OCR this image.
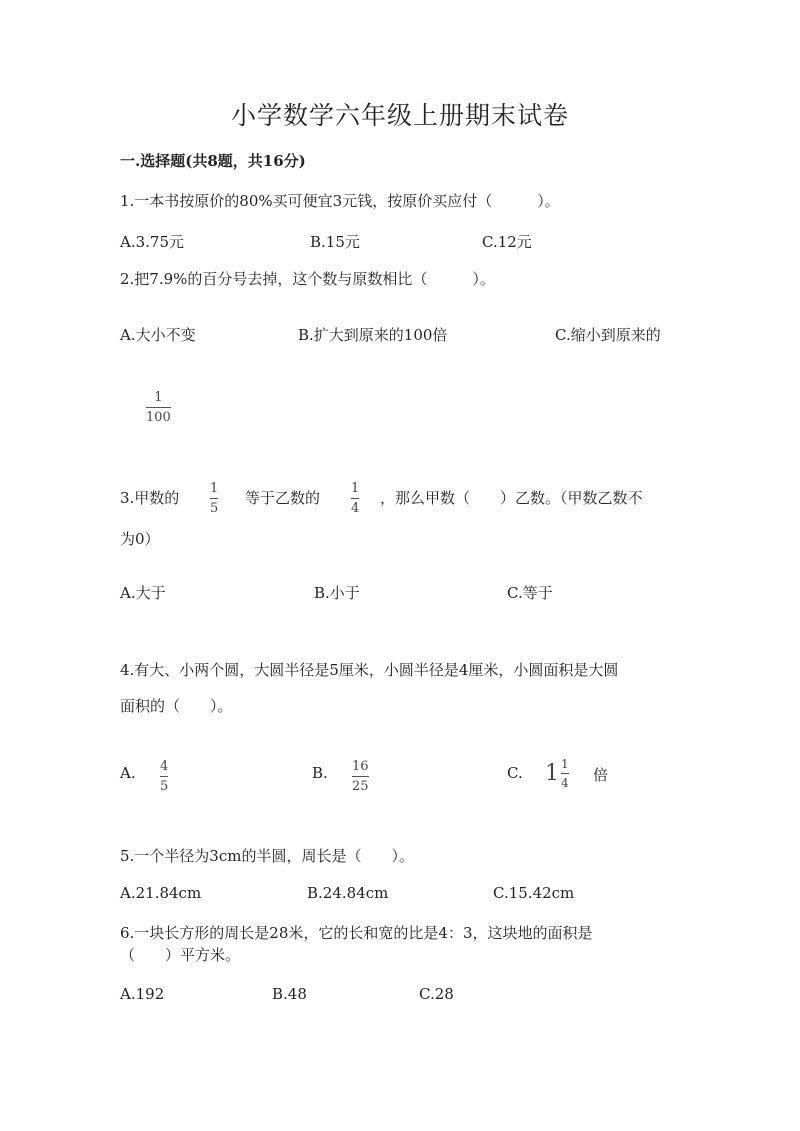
小学数学六年级上册期末试卷
一.选择题(共8题，共16分)
1.一本书按原价的80%买可便宜3元钱，按原价买应付（　　　）。
A.3.75元	B.15元	C.12元
2.把7.9%的百分号去掉，这个数与原数相比（　　　）。
A.大小不变	B.扩大到原来的100倍	C.缩小到原来的
1
100
3.甲数的
1
5
等于乙数的
1
4
，那么甲数（　　）乙数。（甲数乙数不
为0）
A.大于	B.小于	C.等于
4.有大、小两个圆，大圆半径是5厘米，小圆半径是4厘米，小圆面积是大圆
面积的（　　）。
A. 4
5
B. 16
25
C. $1 \frac{1}{4}$ 倍
5.一个半径为3cm的半圆，周长是（　　）。
A.21.84cm	B.24.84cm	C.15.42cm
6.一块长方形的周长是28米，它的长和宽的比是4：3，这块地的面积是
（　　）平方米。
A.192	B.48	C.28
